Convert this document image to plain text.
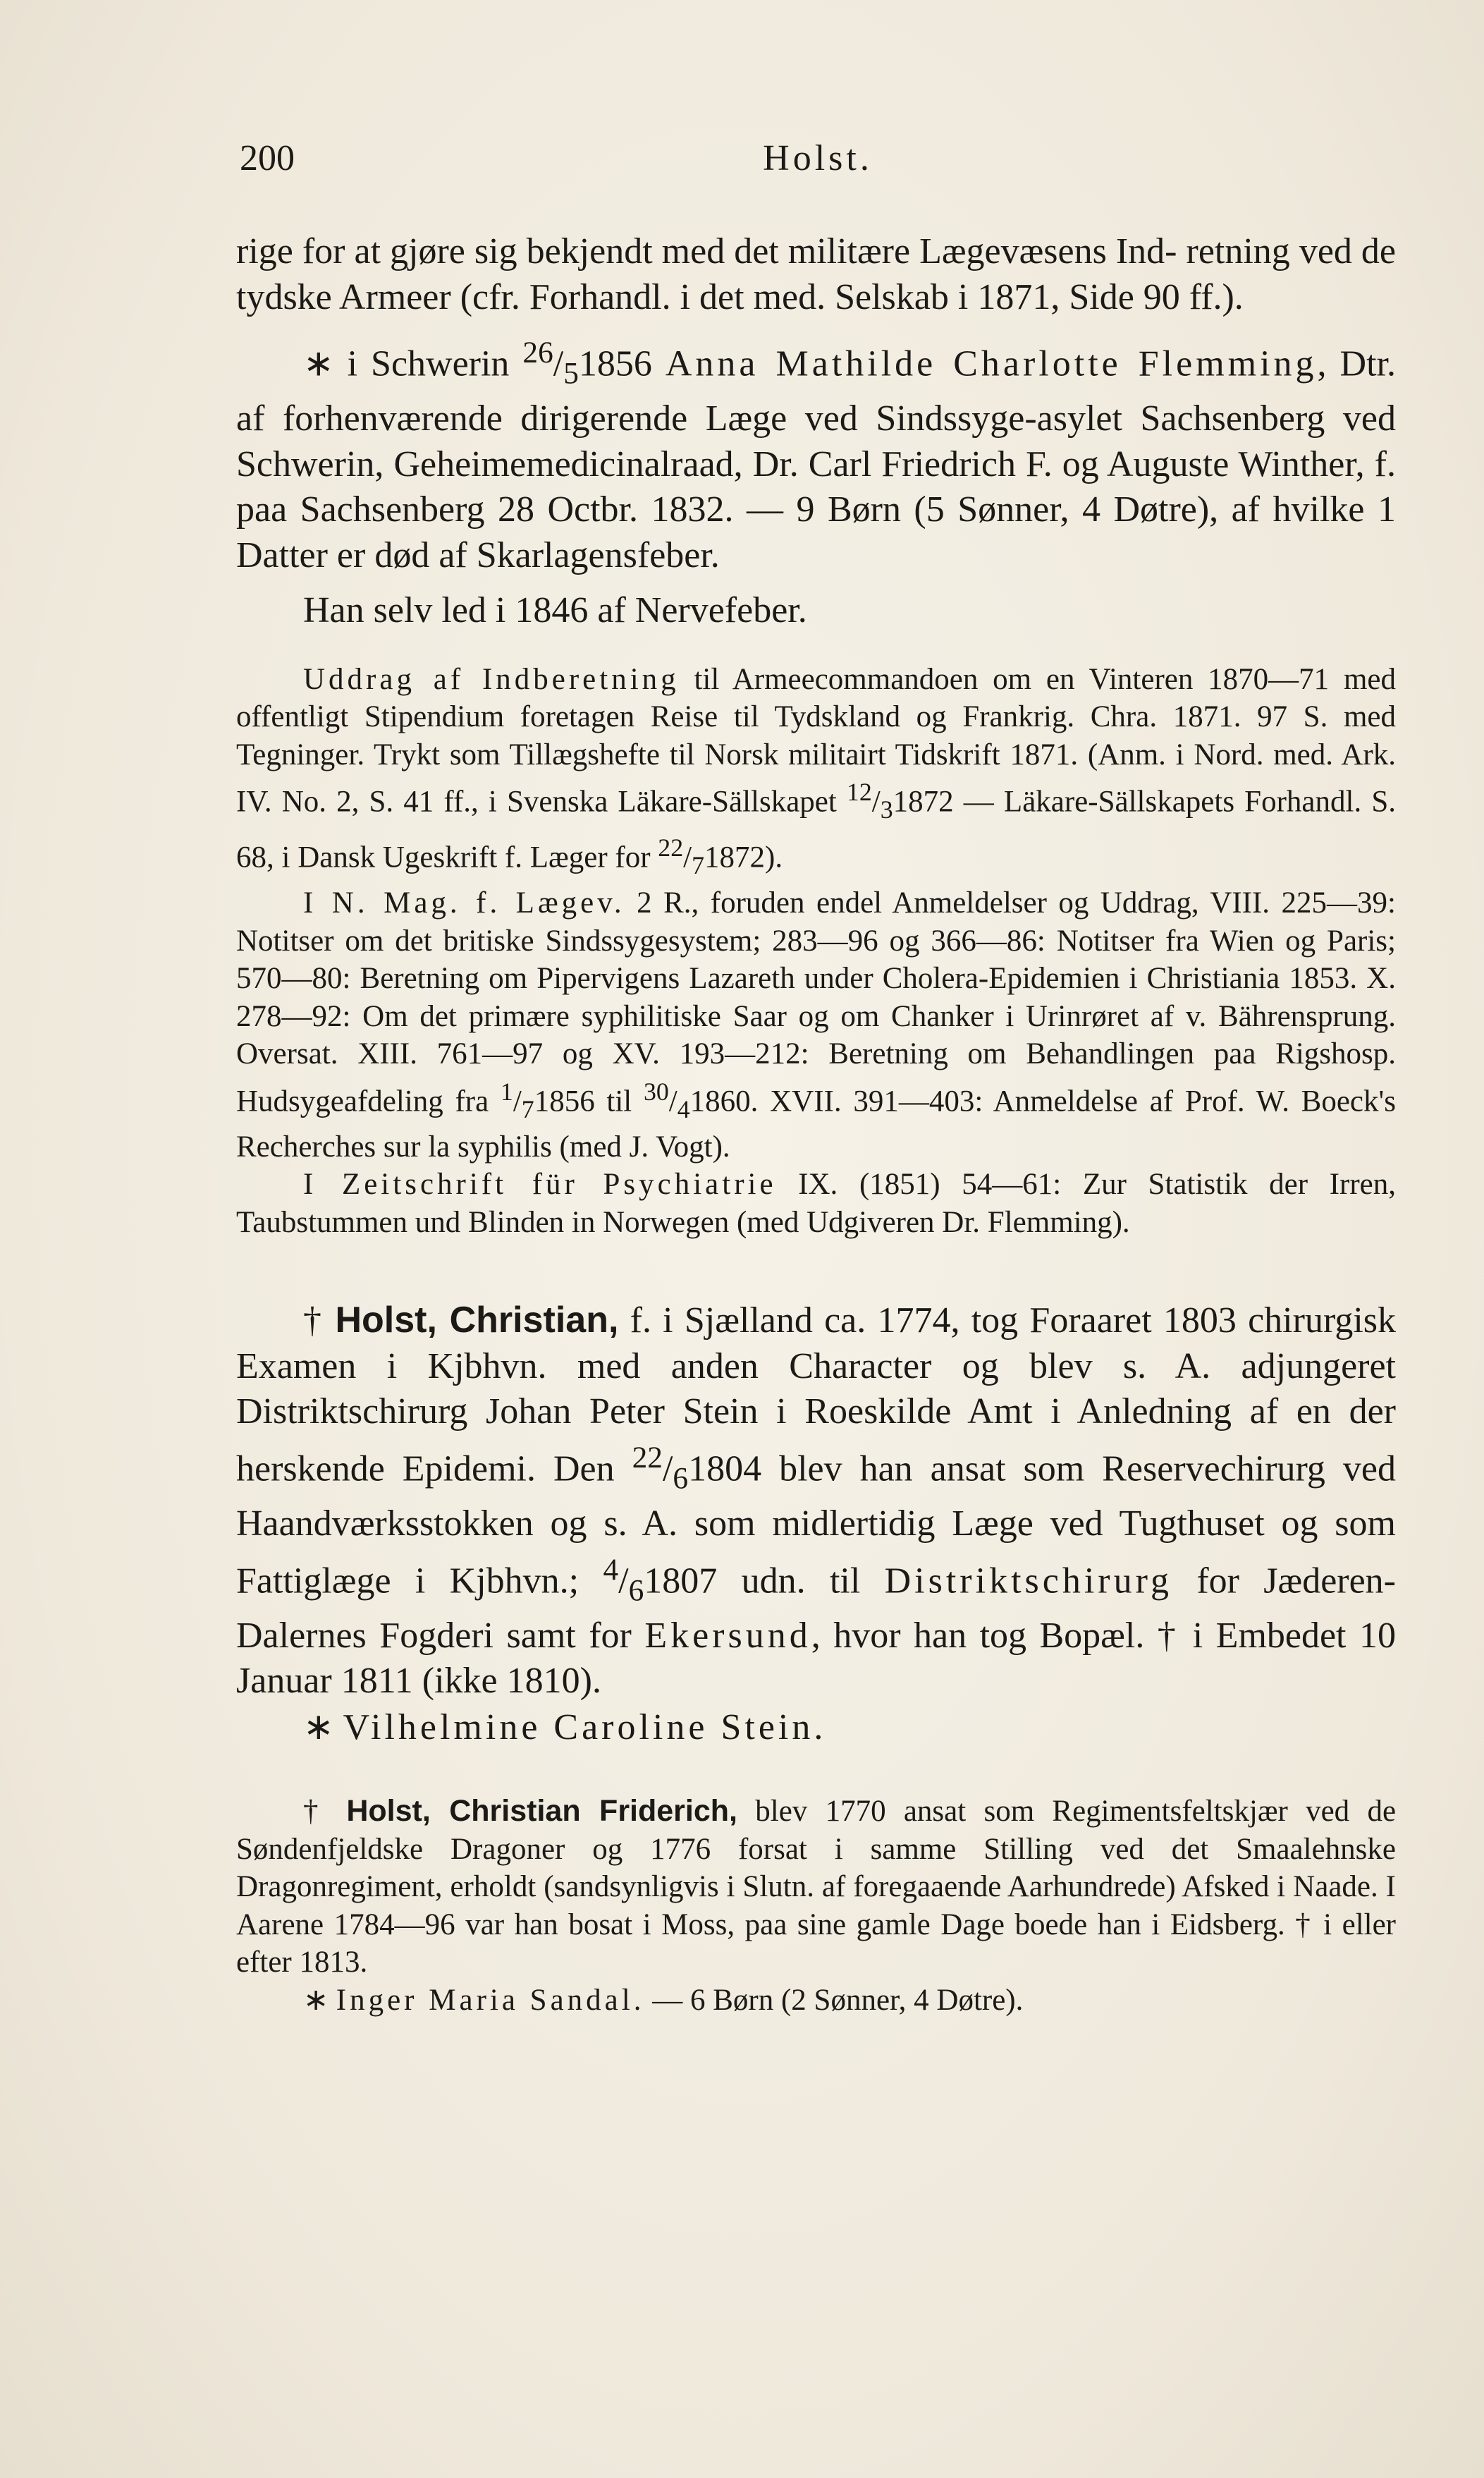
200	Holst.

rige for at gjøre sig bekjendt med det militære Lægevæsens Ind- retning ved de tydske Armeer (cfr. Forhandl. i det med. Selskab i 1871, Side 90 ff.).

∗ i Schwerin $^{26}/_51856$ Anna Mathilde Charlotte Flemming, Dtr. af forhenværende dirigerende Læge ved Sindssyge-asylet Sachsenberg ved Schwerin, Geheimemedicinalraad, Dr. Carl Friedrich F. og Auguste Winther, f. paa Sachsenberg 28 Octbr. 1832. — 9 Børn (5 Sønner, 4 Døtre), af hvilke 1 Datter er død af Skarlagensfeber.

Han selv led i 1846 af Nervefeber.

Uddrag af Indberetning til Armeecommandoen om en Vinteren 1870—71 med offentligt Stipendium foretagen Reise til Tydskland og Frankrig. Chra. 1871. 97 S. med Tegninger. Trykt som Tillægshefte til Norsk militairt Tidskrift 1871. (Anm. i Nord. med. Ark. IV. No. 2, S. 41 ff., i Svenska Läkare-Sällskapet $^{12}/_31872$ — Läkare-Sällskapets Forhandl. S. 68, i Dansk Ugeskrift f. Læger for $^{22}/_71872$).

I N. Mag. f. Lægev. 2 R., foruden endel Anmeldelser og Uddrag, VIII. 225—39: Notitser om det britiske Sindssygesystem; 283—96 og 366—86: Notitser fra Wien og Paris; 570—80: Beretning om Pipervigens Lazareth under Cholera-Epidemien i Christiania 1853. X. 278—92: Om det primære syphilitiske Saar og om Chanker i Urinrøret af v. Bährensprung. Oversat. XIII. 761—97 og XV. 193—212: Beretning om Behandlingen paa Rigshosp. Hudsygeafdeling fra $^1/_71856$ til $^{30}/_41860$. XVII. 391—403: Anmeldelse af Prof. W. Boeck's Recherches sur la syphilis (med J. Vogt).

I Zeitschrift für Psychiatrie IX. (1851) 54—61: Zur Statistik der Irren, Taubstummen und Blinden in Norwegen (med Udgiveren Dr. Flemming).

† Holst, Christian, f. i Sjælland ca. 1774, tog Foraaret 1803 chirurgisk Examen i Kjbhvn. med anden Character og blev s. A. adjungeret Distriktschirurg Johan Peter Stein i Roeskilde Amt i Anledning af en der herskende Epidemi. Den $^{22}/_61804$ blev han ansat som Reservechirurg ved Haandværksstokken og s. A. som midlertidig Læge ved Tugthuset og som Fattiglæge i Kjbhvn.; $^4/_61807$ udn. til Distriktschirurg for Jæderen-Dalernes Fogderi samt for Ekersund, hvor han tog Bopæl. † i Embedet 10 Januar 1811 (ikke 1810).

∗ Vilhelmine Caroline Stein.

† Holst, Christian Friderich, blev 1770 ansat som Regimentsfeltskjær ved de Søndenfjeldske Dragoner og 1776 forsat i samme Stilling ved det Smaalehnske Dragonregiment, erholdt (sandsynligvis i Slutn. af foregaaende Aarhundrede) Afsked i Naade. I Aarene 1784—96 var han bosat i Moss, paa sine gamle Dage boede han i Eidsberg. † i eller efter 1813.

∗ Inger Maria Sandal. — 6 Børn (2 Sønner, 4 Døtre).
